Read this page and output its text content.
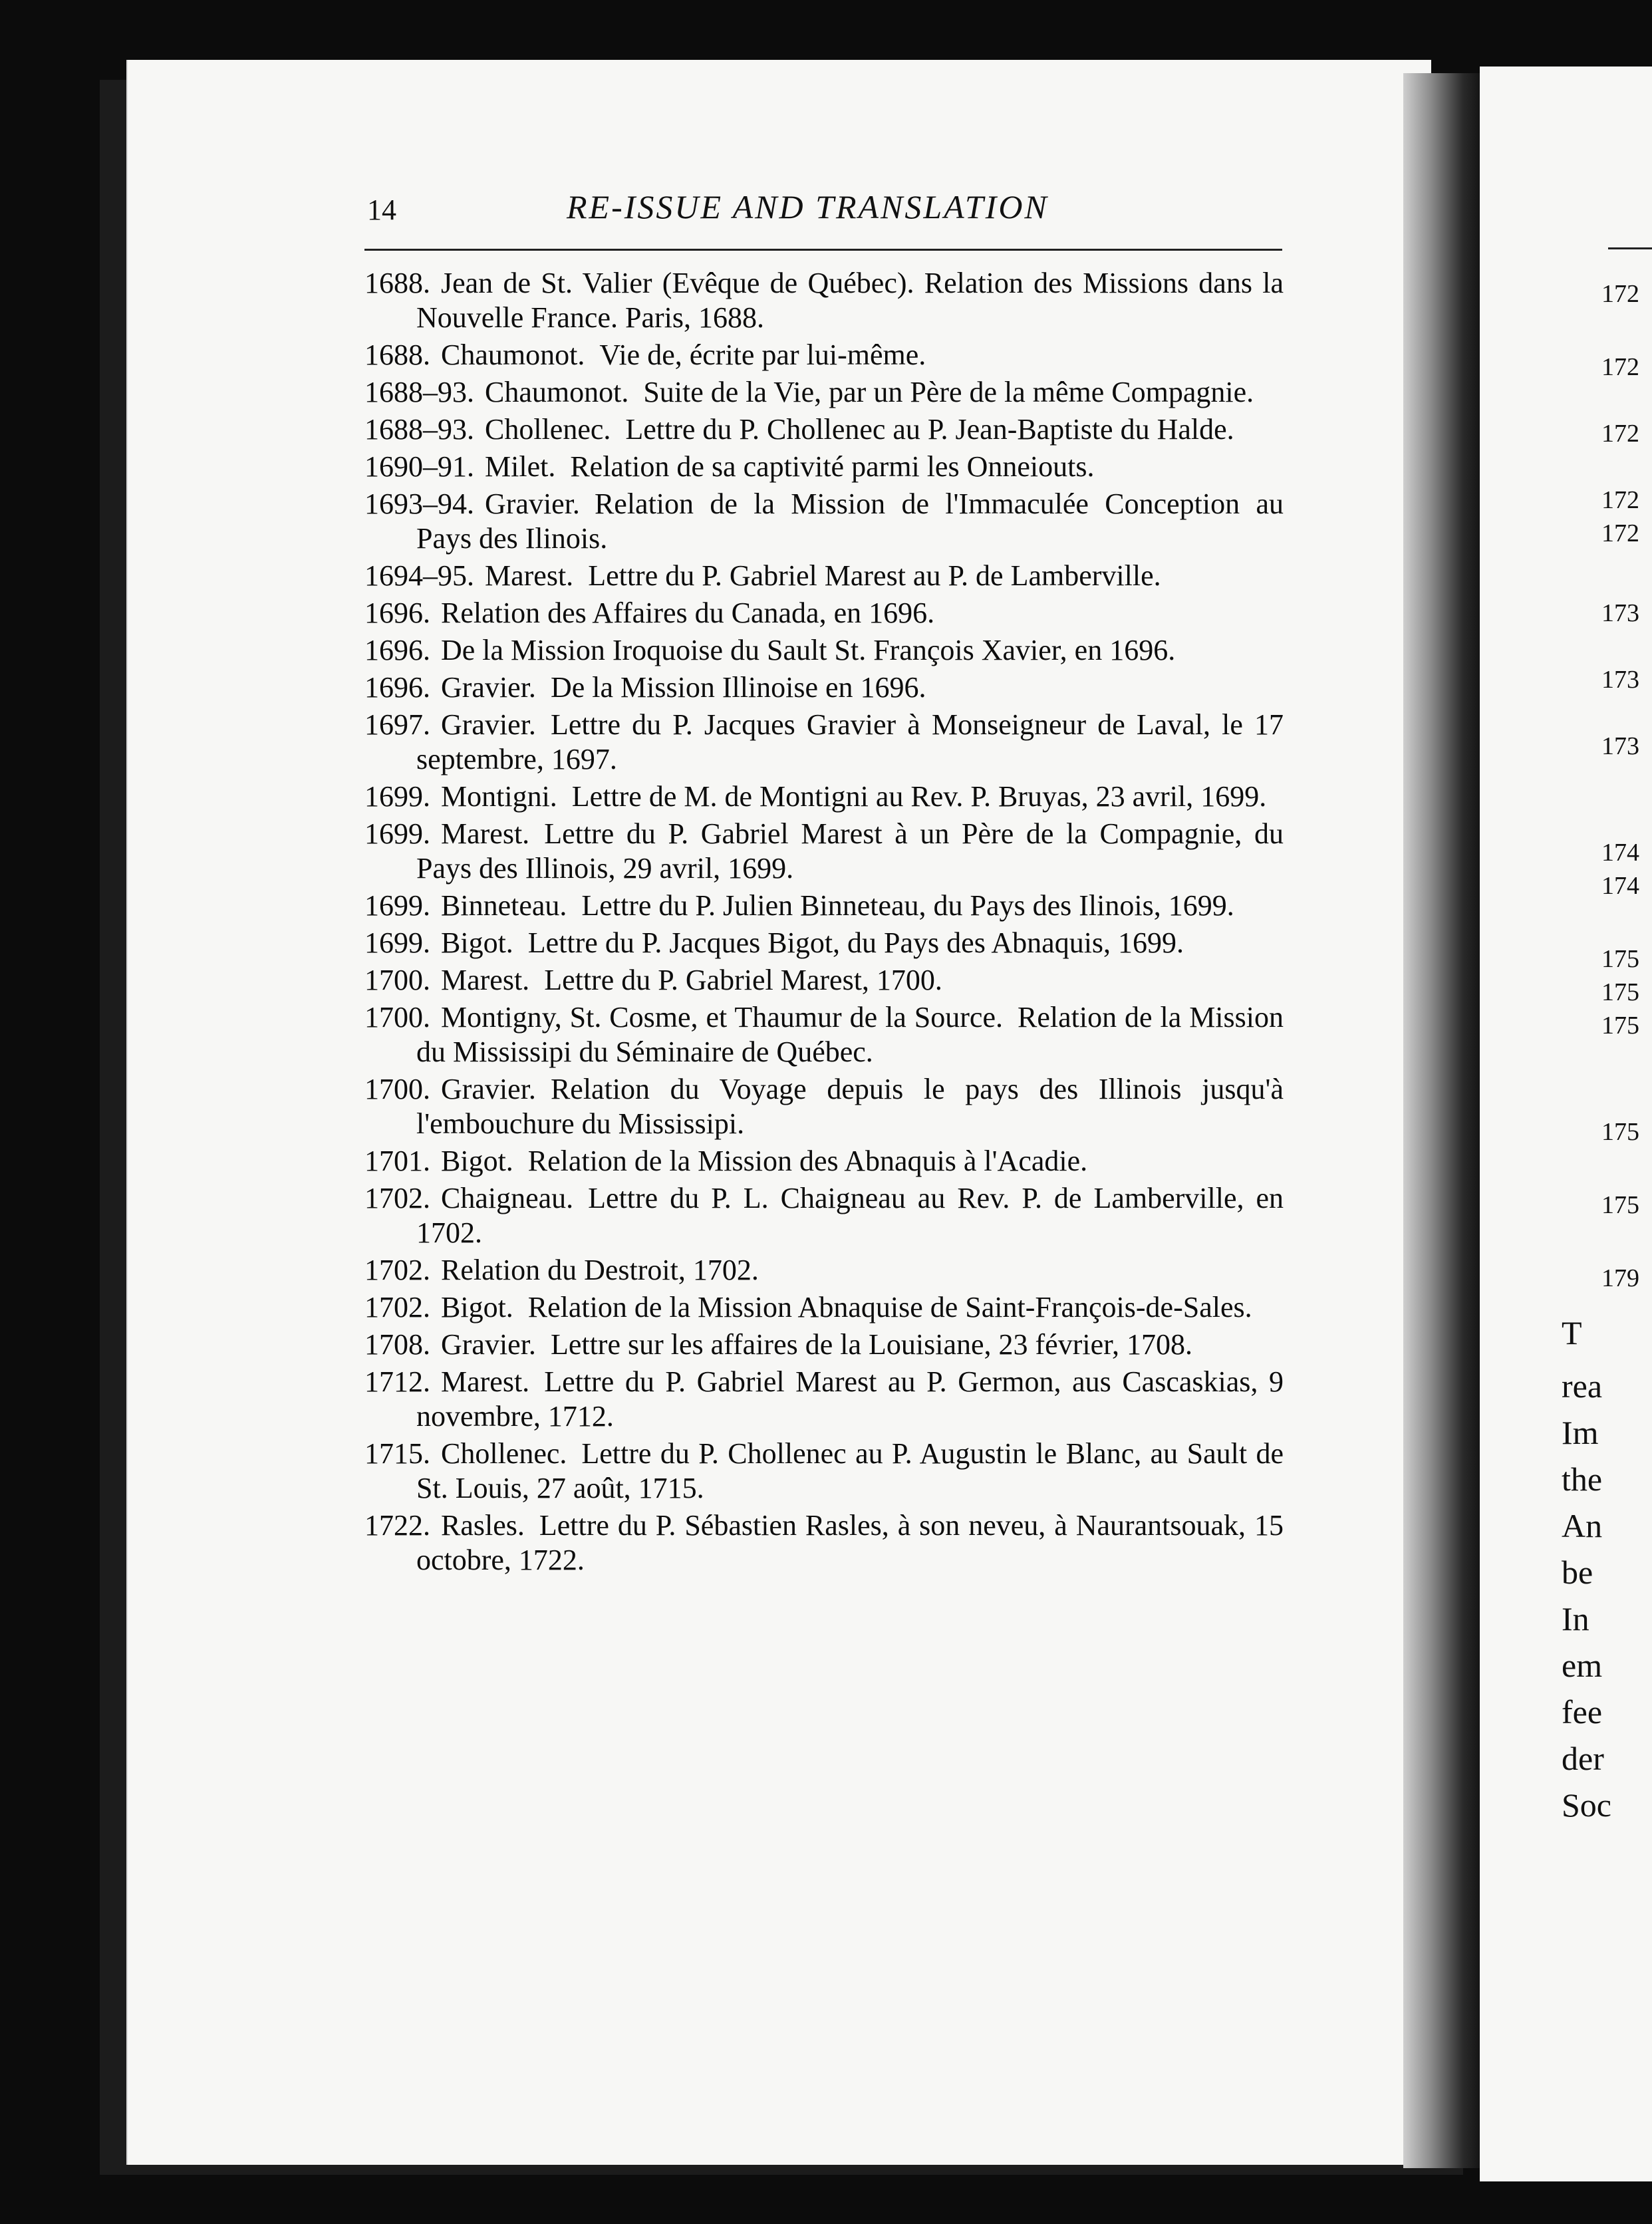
14	RE-ISSUE AND TRANSLATION

1688. Jean de St. Valier (Evêque de Québec). Relation des Missions dans la Nouvelle France. Paris, 1688.

1688. Chaumonot. Vie de, écrite par lui-même.

1688–93. Chaumonot. Suite de la Vie, par un Père de la même Compagnie.

1688–93. Chollenec. Lettre du P. Chollenec au P. Jean-Baptiste du Halde.

1690–91. Milet. Relation de sa captivité parmi les Onneiouts.

1693–94. Gravier. Relation de la Mission de l'Immaculée Conception au Pays des Ilinois.

1694–95. Marest. Lettre du P. Gabriel Marest au P. de Lamberville.

1696. Relation des Affaires du Canada, en 1696.

1696. De la Mission Iroquoise du Sault St. François Xavier, en 1696.

1696. Gravier. De la Mission Illinoise en 1696.

1697. Gravier. Lettre du P. Jacques Gravier à Monseigneur de Laval, le 17 septembre, 1697.

1699. Montigni. Lettre de M. de Montigni au Rev. P. Bruyas, 23 avril, 1699.

1699. Marest. Lettre du P. Gabriel Marest à un Père de la Compagnie, du Pays des Illinois, 29 avril, 1699.

1699. Binneteau. Lettre du P. Julien Binneteau, du Pays des Ilinois, 1699.

1699. Bigot. Lettre du P. Jacques Bigot, du Pays des Abnaquis, 1699.

1700. Marest. Lettre du P. Gabriel Marest, 1700.

1700. Montigny, St. Cosme, et Thaumur de la Source. Relation de la Mission du Mississipi du Séminaire de Québec.

1700. Gravier. Relation du Voyage depuis le pays des Illinois jusqu'à l'embouchure du Mississipi.

1701. Bigot. Relation de la Mission des Abnaquis à l'Acadie.

1702. Chaigneau. Lettre du P. L. Chaigneau au Rev. P. de Lamberville, en 1702.

1702. Relation du Destroit, 1702.

1702. Bigot. Relation de la Mission Abnaquise de Saint-François-de-Sales.

1708. Gravier. Lettre sur les affaires de la Louisiane, 23 février, 1708.

1712. Marest. Lettre du P. Gabriel Marest au P. Germon, aus Cascaskias, 9 novembre, 1712.

1715. Chollenec. Lettre du P. Chollenec au P. Augustin le Blanc, au Sault de St. Louis, 27 août, 1715.

1722. Rasles. Lettre du P. Sébastien Rasles, à son neveu, à Naurantsouak, 15 octobre, 1722.

172
172
172
172
172
173
173
173
174
174
175
175
175
175
175
179
T
rea
Im
the
An
be
In
em
fee
der
Soc
